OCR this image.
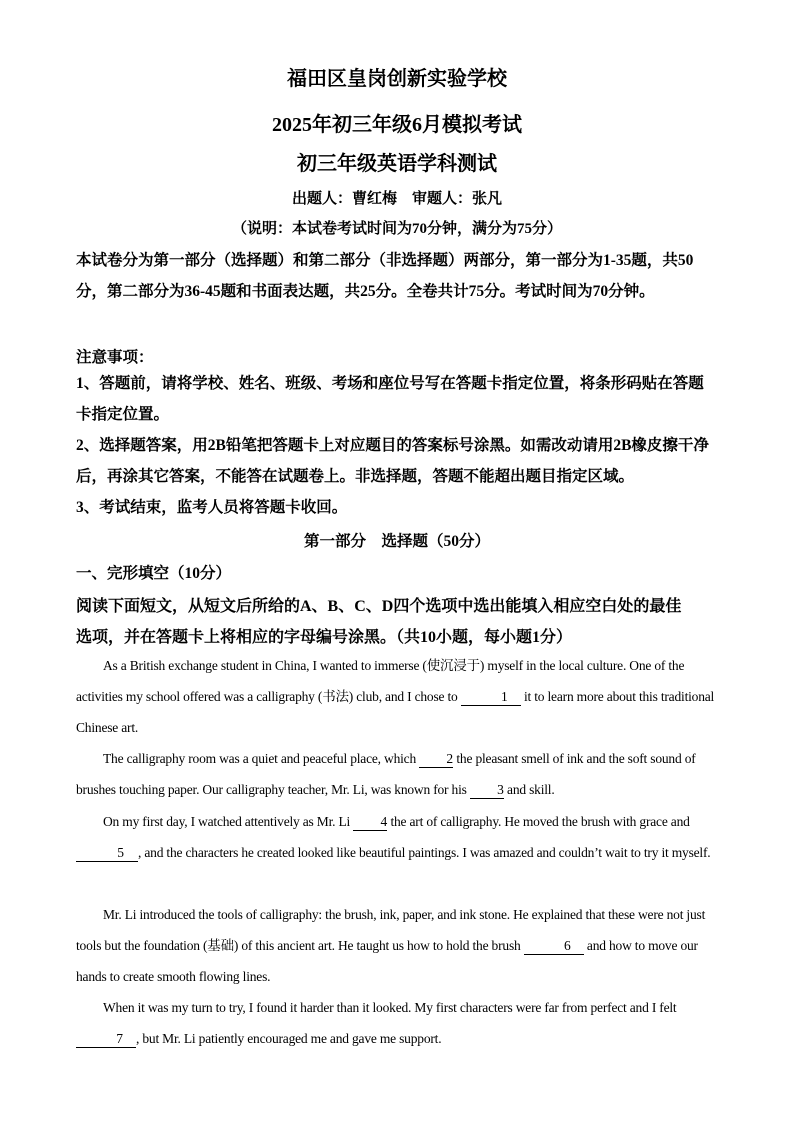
福田区皇岗创新实验学校
2025年初三年级6月模拟考试
初三年级英语学科测试
出题人：曹红梅　审题人：张凡
（说明：本试卷考试时间为70分钟，满分为75分）
本试卷分为第一部分（选择题）和第二部分（非选择题）两部分，第一部分为1-35题，共50分，第二部分为36-45题和书面表达题，共25分。全卷共计75分。考试时间为70分钟。
注意事项：
1、答题前，请将学校、姓名、班级、考场和座位号写在答题卡指定位置，将条形码贴在答题卡指定位置。
2、选择题答案，用2B铅笔把答题卡上对应题目的答案标号涂黑。如需改动请用2B橡皮擦干净后，再涂其它答案，不能答在试题卷上。非选择题，答题不能超出题目指定区域。
3、考试结束，监考人员将答题卡收回。
第一部分　选择题（50分）
一、完形填空（10分）
阅读下面短文，从短文后所给的A、B、C、D四个选项中选出能填入相应空白处的最佳选项，并在答题卡上将相应的字母编号涂黑。（共10小题，每小题1分）

As a British exchange student in China, I wanted to immerse (使沉浸于) myself in the local culture. One of the activities my school offered was a calligraphy (书法) club, and I chose to	1 it to learn more about this traditional Chinese art.

The calligraphy room was a quiet and peaceful place, which 2 the pleasant smell of ink and the soft sound of brushes touching paper. Our calligraphy teacher, Mr. Li, was known for his 3 and skill.

On my first day, I watched attentively as Mr. Li 4 the art of calligraphy. He moved the brush with grace and 5 , and the characters he created looked like beautiful paintings. I was amazed and couldn’t wait to try it myself.

Mr. Li introduced the tools of calligraphy: the brush, ink, paper, and ink stone. He explained that these were not just tools but the foundation (基础) of this ancient art. He taught us how to hold the brush	6 and how to move our hands to create smooth flowing lines.

When it was my turn to try, I found it harder than it looked. My first characters were far from perfect and I felt 7 , but Mr. Li patiently encouraged me and gave me support.
